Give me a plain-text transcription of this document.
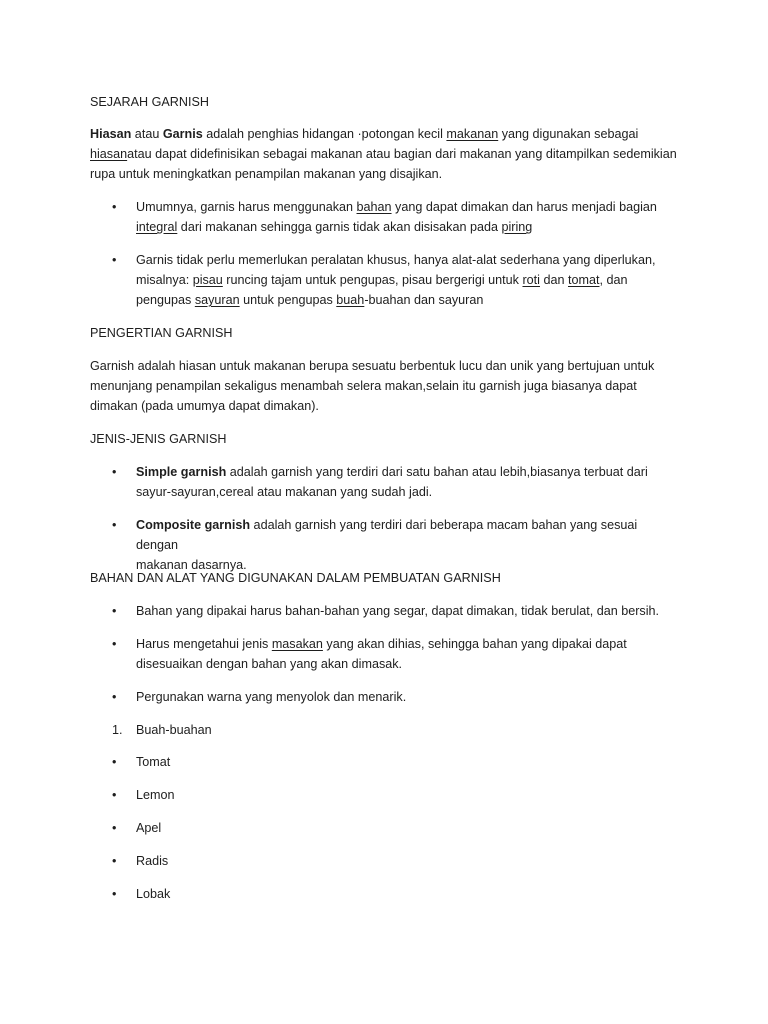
SEJARAH GARNISH

Hiasan atau Garnis adalah penghias hidangan ·potongan kecil makanan yang digunakan sebagai
hiasanatau dapat didefinisikan sebagai makanan atau bagian dari makanan yang ditampilkan sedemikian
rupa untuk meningkatkan penampilan makanan yang disajikan.

•	Umumnya, garnis harus menggunakan bahan yang dapat dimakan dan harus menjadi bagian
integral dari makanan sehingga garnis tidak akan disisakan pada piring
•	Garnis tidak perlu memerlukan peralatan khusus, hanya alat-alat sederhana yang diperlukan,
misalnya: pisau runcing tajam untuk pengupas, pisau bergerigi untuk roti dan tomat, dan
pengupas sayuran untuk pengupas buah-buahan dan sayuran

PENGERTIAN GARNISH

Garnish adalah hiasan untuk makanan berupa sesuatu berbentuk lucu dan unik yang bertujuan untuk
menunjang penampilan sekaligus menambah selera makan,selain itu garnish juga biasanya dapat
dimakan (pada umumya dapat dimakan).

JENIS-JENIS GARNISH

•	Simple garnish adalah garnish yang terdiri dari satu bahan atau lebih,biasanya terbuat dari
sayur-sayuran,cereal atau makanan yang sudah jadi.
•	Composite garnish adalah garnish yang terdiri dari beberapa macam bahan yang sesuai dengan
makanan dasarnya.

BAHAN DAN ALAT YANG DIGUNAKAN DALAM PEMBUATAN GARNISH

•	Bahan yang dipakai harus bahan-bahan yang segar, dapat dimakan, tidak berulat, dan bersih.
•	Harus mengetahui jenis masakan yang akan dihias, sehingga bahan yang dipakai dapat
disesuaikan dengan bahan yang akan dimasak.
•	Pergunakan warna yang menyolok dan menarik.
1.	Buah-buahan
•	Tomat
•	Lemon
•	Apel
•	Radis
•	Lobak
